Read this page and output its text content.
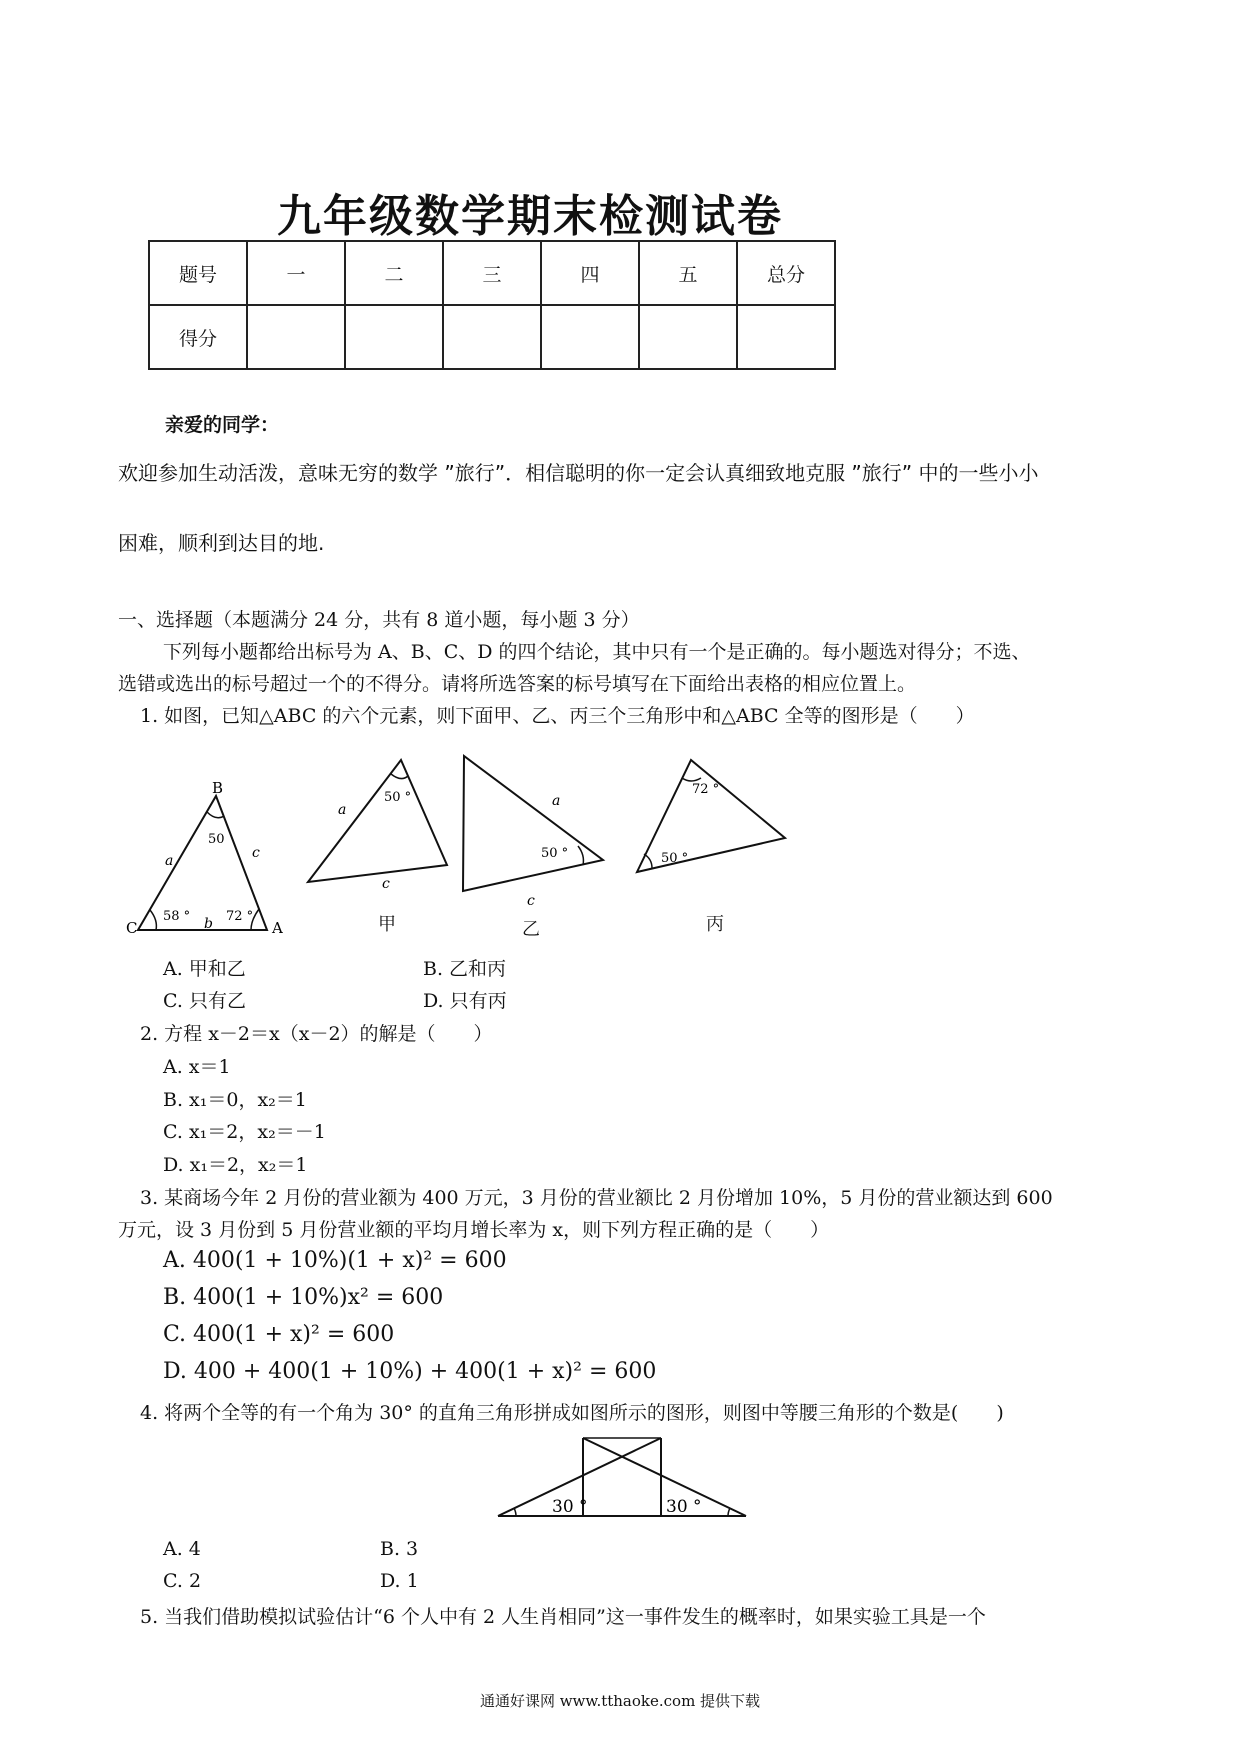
九年级数学期末检测试卷
题号	一	二	三	四	五	总分
得分						
亲爱的同学：
欢迎参加生动活泼，意味无穷的数学 ”旅行”．相信聪明的你一定会认真细致地克服 ”旅行” 中的一些小小
困难，顺利到达目的地.
一、选择题（本题满分 24 分，共有 8 道小题，每小题 3 分）
下列每小题都给出标号为 A、B、C、D 的四个结论，其中只有一个是正确的。每小题选对得分；不选、
选错或选出的标号超过一个的不得分。请将所选答案的标号填写在下面给出表格的相应位置上。
1. 如图，已知△ABC 的六个元素，则下面甲、乙、丙三个三角形中和△ABC 全等的图形是（　　）
B
C	A
a	c
b
50
58 °	72 °
a
c
50 °	a
c
50 °
72 °
50 °
甲	乙	丙
A. 甲和乙	B. 乙和丙
C. 只有乙	D. 只有丙
2. 方程 x－2＝x（x－2）的解是（　　）
A. x＝1
B. x₁＝0，x₂＝1
C. x₁＝2，x₂＝－1
D. x₁＝2，x₂＝1
3. 某商场今年 2 月份的营业额为 400 万元，3 月份的营业额比 2 月份增加 10%，5 月份的营业额达到 600
万元，设 3 月份到 5 月份营业额的平均月增长率为 x，则下列方程正确的是（　　）
A. 400(1 + 10%)(1 + x)² = 600
B. 400(1 + 10%)x² = 600
C. 400(1 + x)² = 600
D. 400 + 400(1 + 10%) + 400(1 + x)² = 600
4. 将两个全等的有一个角为 30° 的直角三角形拼成如图所示的图形，则图中等腰三角形的个数是(　　)
30 °	30 °
A. 4	B. 3
C. 2	D. 1
5. 当我们借助模拟试验估计“6 个人中有 2 人生肖相同”这一事件发生的概率时，如果实验工具是一个
通通好课网 www.tthaoke.com 提供下载
